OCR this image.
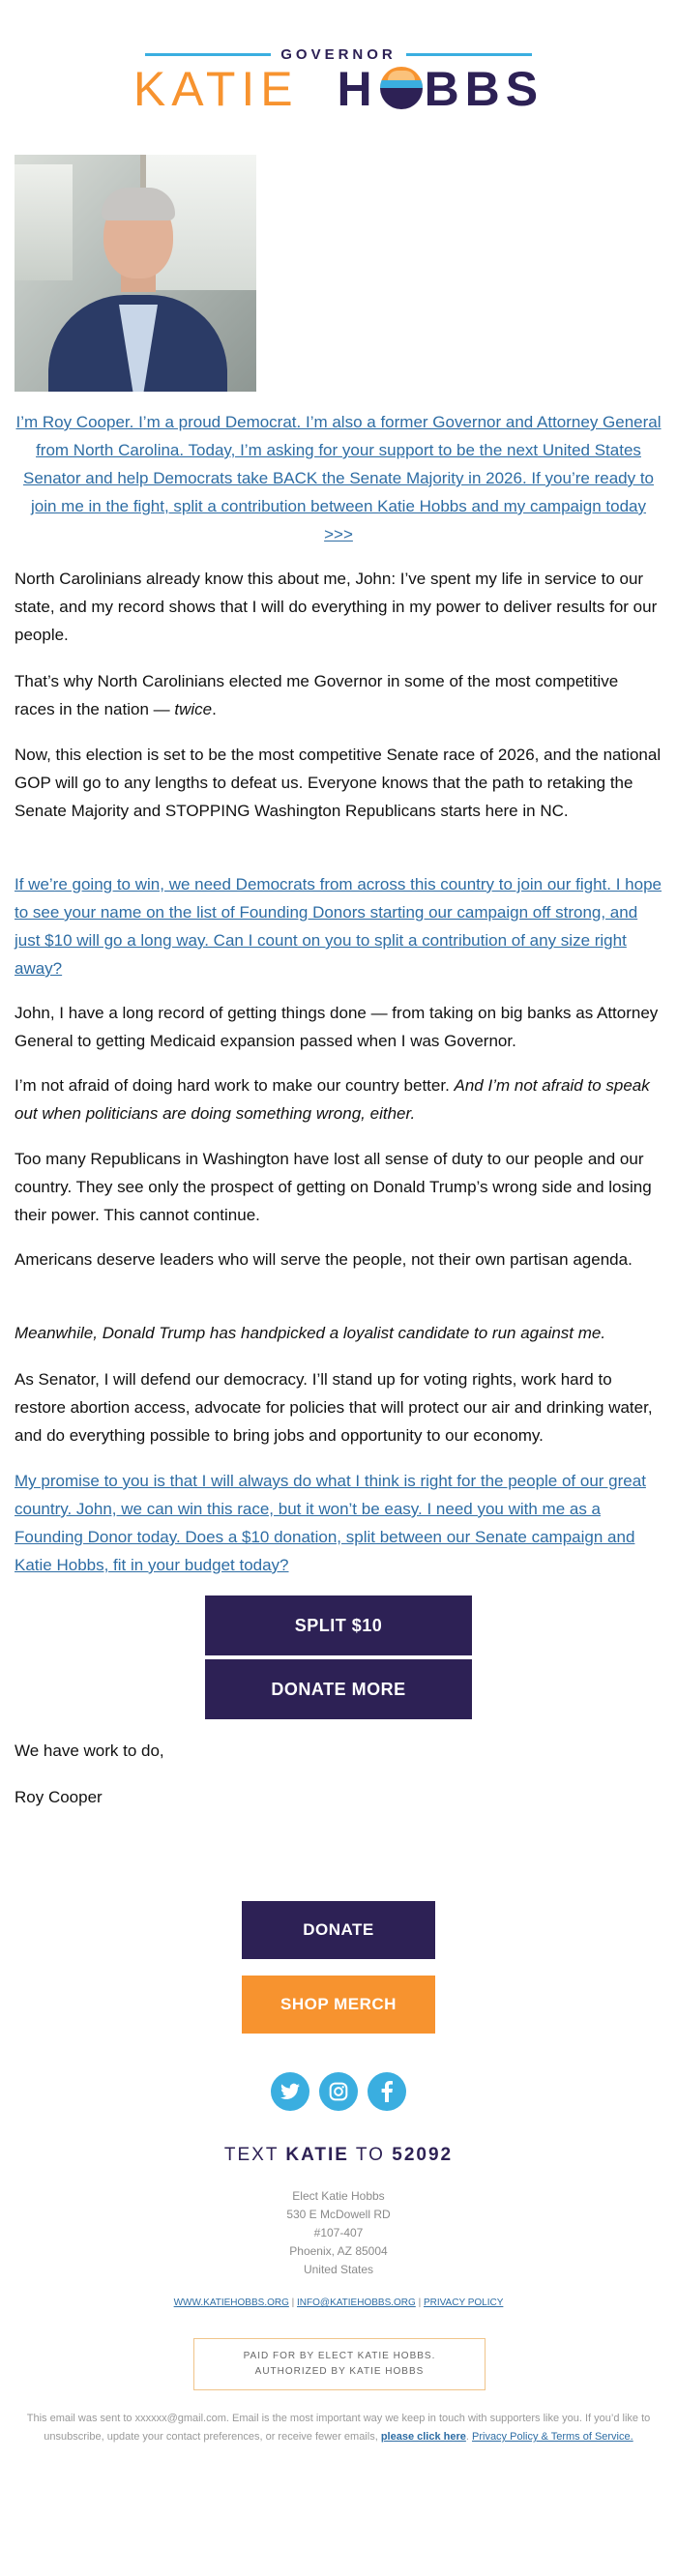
GOVERNOR
KATIE H BBS
I’m Roy Cooper. I’m a proud Democrat. I’m also a former Governor and Attorney General from North Carolina. Today, I’m asking for your support to be the next United States Senator and help Democrats take BACK the Senate Majority in 2026. If you’re ready to join me in the fight, split a contribution between Katie Hobbs and my campaign today >>>
North Carolinians already know this about me, John: I’ve spent my life in service to our state, and my record shows that I will do everything in my power to deliver results for our people.
That’s why North Carolinians elected me Governor in some of the most competitive races in the nation — twice.
Now, this election is set to be the most competitive Senate race of 2026, and the national GOP will go to any lengths to defeat us. Everyone knows that the path to retaking the Senate Majority and STOPPING Washington Republicans starts here in NC.
If we’re going to win, we need Democrats from across this country to join our fight. I hope to see your name on the list of Founding Donors starting our campaign off strong, and just $10 will go a long way. Can I count on you to split a contribution of any size right away?
John, I have a long record of getting things done — from taking on big banks as Attorney General to getting Medicaid expansion passed when I was Governor.
I’m not afraid of doing hard work to make our country better. And I’m not afraid to speak out when politicians are doing something wrong, either.
Too many Republicans in Washington have lost all sense of duty to our people and our country. They see only the prospect of getting on Donald Trump’s wrong side and losing their power. This cannot continue.
Americans deserve leaders who will serve the people, not their own partisan agenda.
Meanwhile, Donald Trump has handpicked a loyalist candidate to run against me.
As Senator, I will defend our democracy. I’ll stand up for voting rights, work hard to restore abortion access, advocate for policies that will protect our air and drinking water, and do everything possible to bring jobs and opportunity to our economy.
My promise to you is that I will always do what I think is right for the people of our great country. John, we can win this race, but it won’t be easy. I need you with me as a Founding Donor today. Does a $10 donation, split between our Senate campaign and Katie Hobbs, fit in your budget today?
SPLIT $10
DONATE MORE
We have work to do,
Roy Cooper
DONATE
SHOP MERCH
TEXT KATIE TO 52092
Elect Katie Hobbs
530 E McDowell RD
#107-407
Phoenix, AZ 85004
United States
WWW.KATIEHOBBS.ORG | INFO@KATIEHOBBS.ORG | PRIVACY POLICY
PAID FOR BY ELECT KATIE HOBBS.
AUTHORIZED BY KATIE HOBBS
This email was sent to xxxxxx@gmail.com. Email is the most important way we keep in touch with supporters like you. If you’d like to unsubscribe, update your contact preferences, or receive fewer emails, please click here. Privacy Policy & Terms of Service.
